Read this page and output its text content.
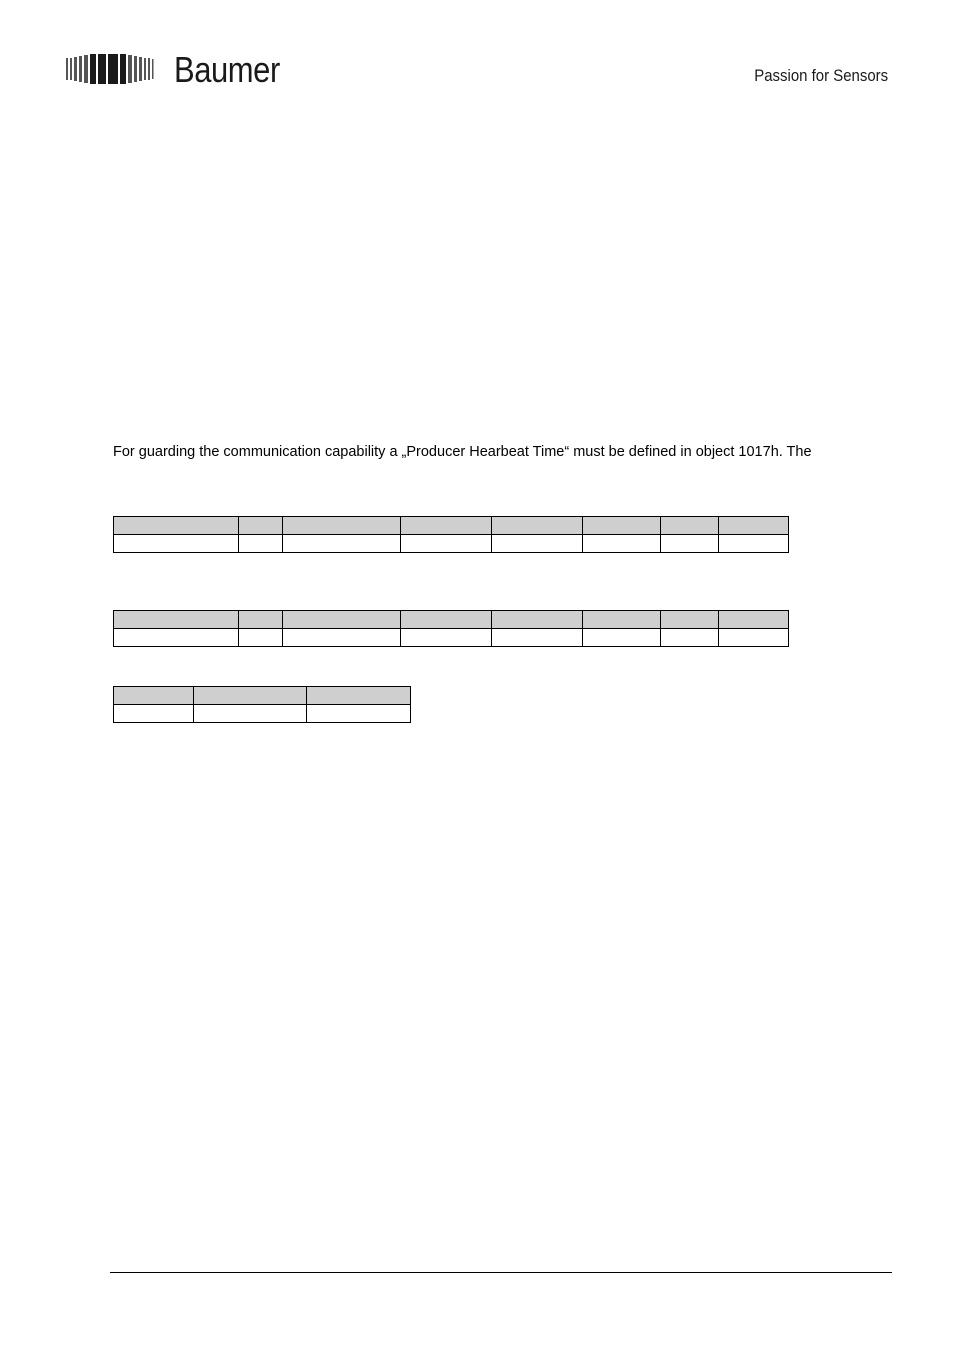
Baumer	Passion for Sensors
For guarding the communication capability a „Producer Hearbeat Time“ must be defined in object 1017h. The
